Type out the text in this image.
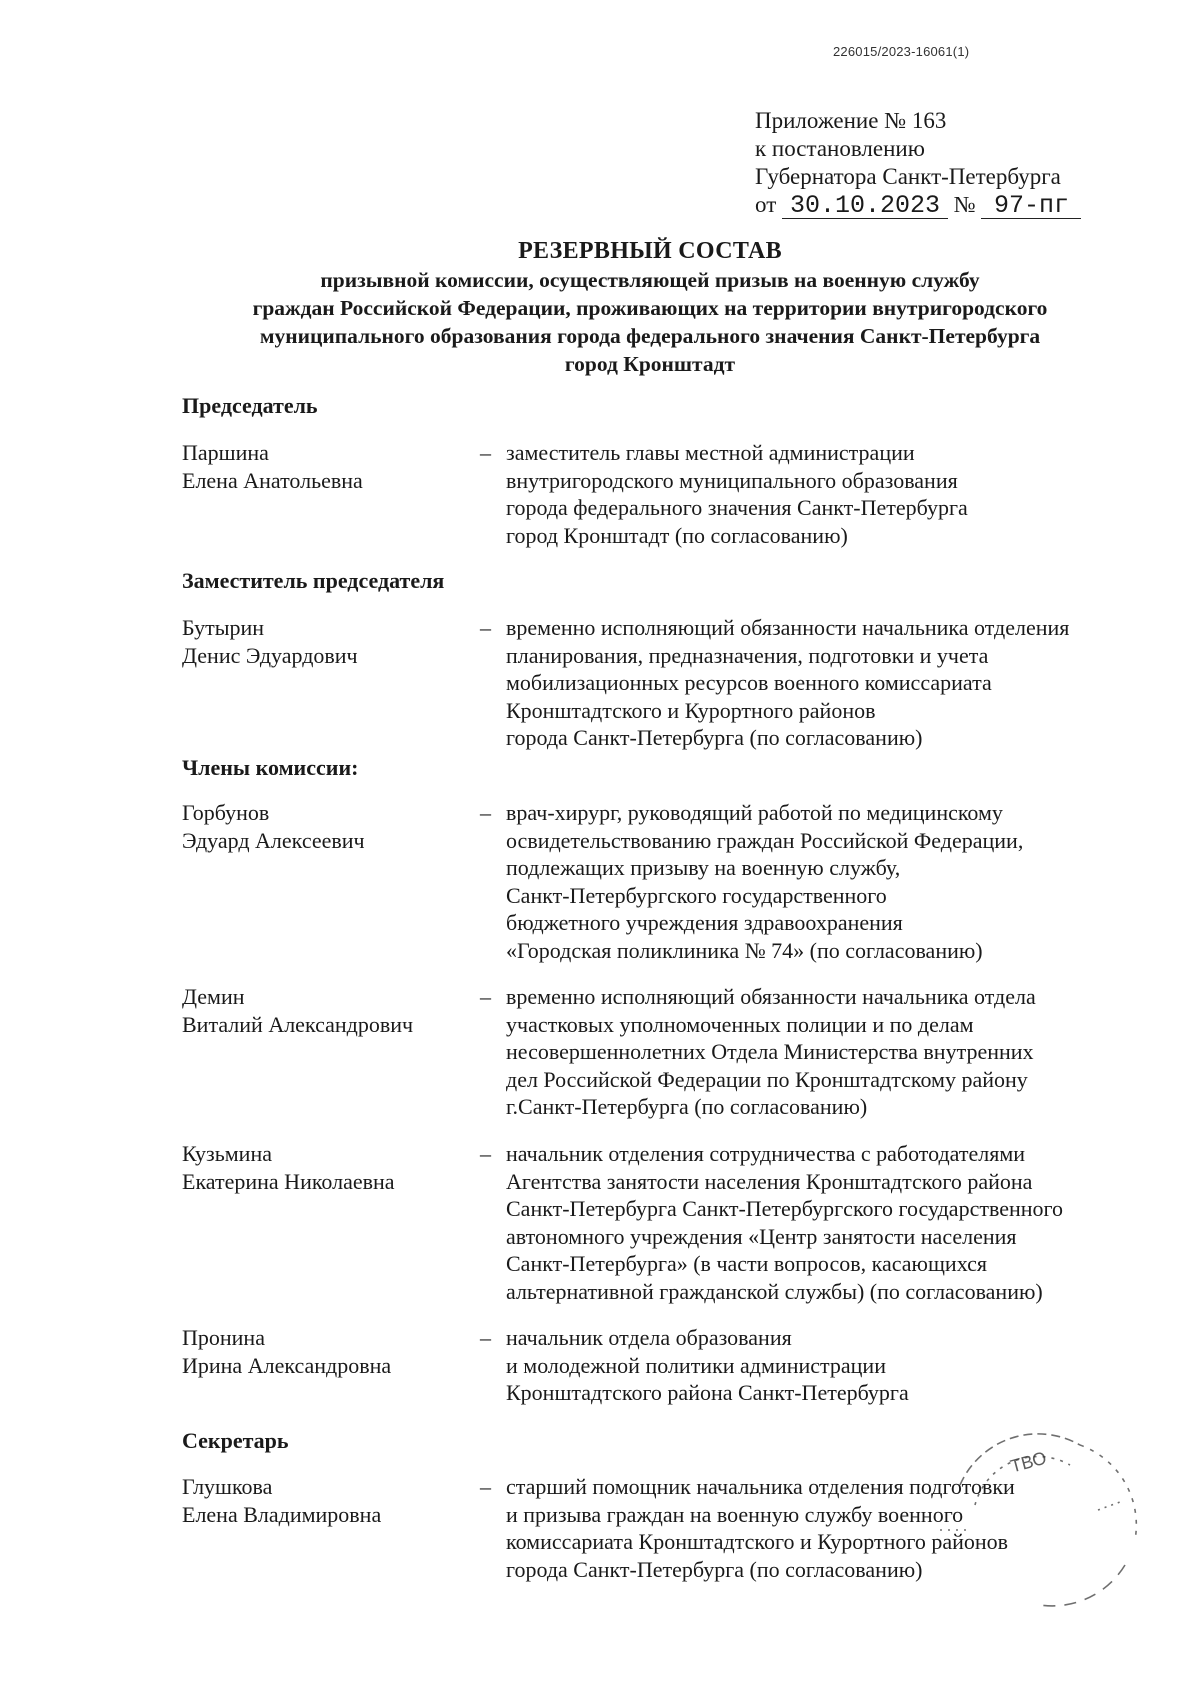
226015/2023-16061(1)
Приложение № 163
к постановлению
Губернатора Санкт-Петербурга
от 30.10.2023 № 97-пг
РЕЗЕРВНЫЙ СОСТАВ
призывной комиссии, осуществляющей призыв на военную службу
граждан Российской Федерации, проживающих на территории внутригородского
муниципального образования города федерального значения Санкт-Петербурга
город Кронштадт
Председатель
Паршина
Елена Анатольевна
– заместитель главы местной администрации
внутригородского муниципального образования
города федерального значения Санкт-Петербурга
город Кронштадт (по согласованию)
Заместитель председателя
Бутырин
Денис Эдуардович
– временно исполняющий обязанности начальника отделения
планирования, предназначения, подготовки и учета
мобилизационных ресурсов военного комиссариата
Кронштадтского и Курортного районов
города Санкт-Петербурга (по согласованию)
Члены комиссии:
Горбунов
Эдуард Алексеевич
– врач-хирург, руководящий работой по медицинскому
освидетельствованию граждан Российской Федерации,
подлежащих призыву на военную службу,
Санкт-Петербургского государственного
бюджетного учреждения здравоохранения
«Городская поликлиника № 74» (по согласованию)
Демин
Виталий Александрович
– временно исполняющий обязанности начальника отдела
участковых уполномоченных полиции и по делам
несовершеннолетних Отдела Министерства внутренних
дел Российской Федерации по Кронштадтскому району
г.Санкт-Петербурга (по согласованию)
Кузьмина
Екатерина Николаевна
– начальник отделения сотрудничества с работодателями
Агентства занятости населения Кронштадтского района
Санкт-Петербурга Санкт-Петербургского государственного
автономного учреждения «Центр занятости населения
Санкт-Петербурга» (в части вопросов, касающихся
альтернативной гражданской службы) (по согласованию)
Пронина
Ирина Александровна
– начальник отдела образования
и молодежной политики администрации
Кронштадтского района Санкт-Петербурга
Секретарь
Глушкова
Елена Владимировна
– старший помощник начальника отделения подготовки
и призыва граждан на военную службу военного
комиссариата Кронштадтского и Курортного районов
города Санкт-Петербурга (по согласованию)
ТВО
